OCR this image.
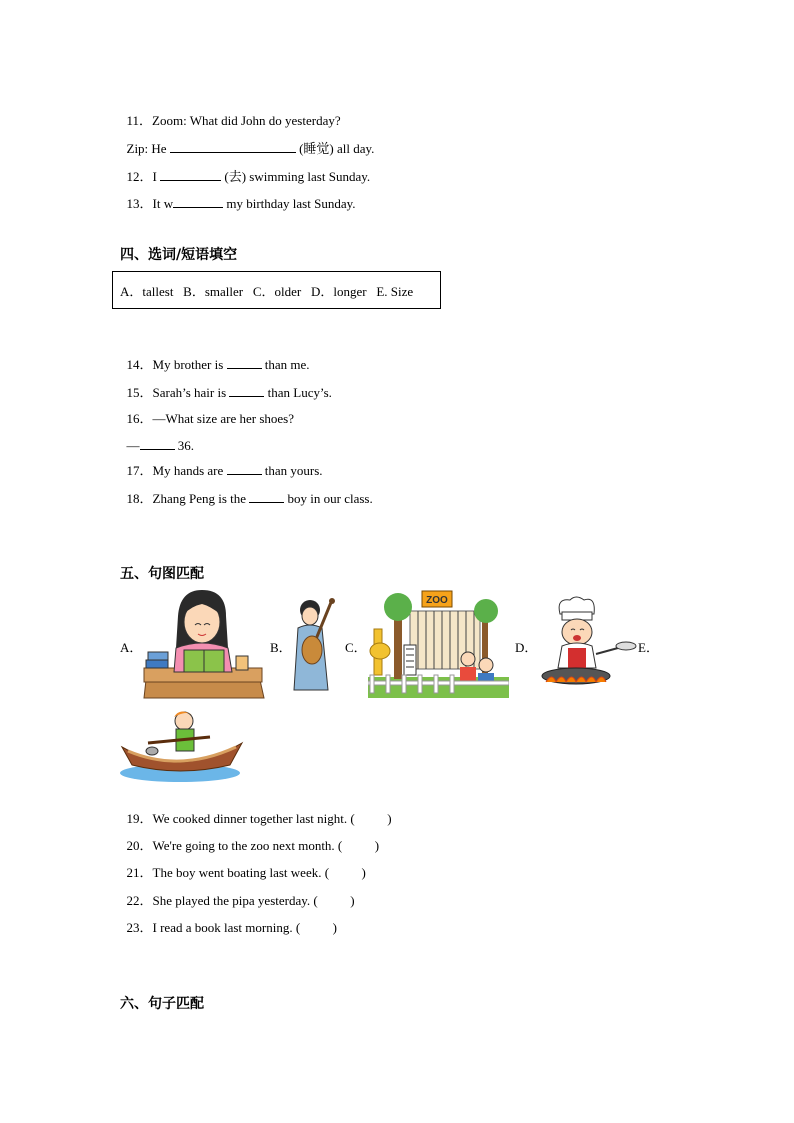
11．Zoom: What did John do yesterday?

Zip: He	(睡觉) all day.

12．I	(去) swimming last Sunday.

13．It w	my birthday last Sunday.

四、选词/短语填空
A．tallest   B．smaller   C．older   D．longer   E. Size

14．My brother is	than me.

15．Sarah’s hair is	than Lucy’s.

16．—What size are her shoes?

—	36.

17．My hands are	than yours.

18．Zhang Peng is the	boy in our class.

五、句图匹配
A．	B．	C．	D．	E．
ZOO

19．We cooked dinner together last night. (          )

20．We're going to the zoo next month. (          )

21．The boy went boating last week. (          )

22．She played the pipa yesterday. (          )

23．I read a book last morning. (          )

六、句子匹配
